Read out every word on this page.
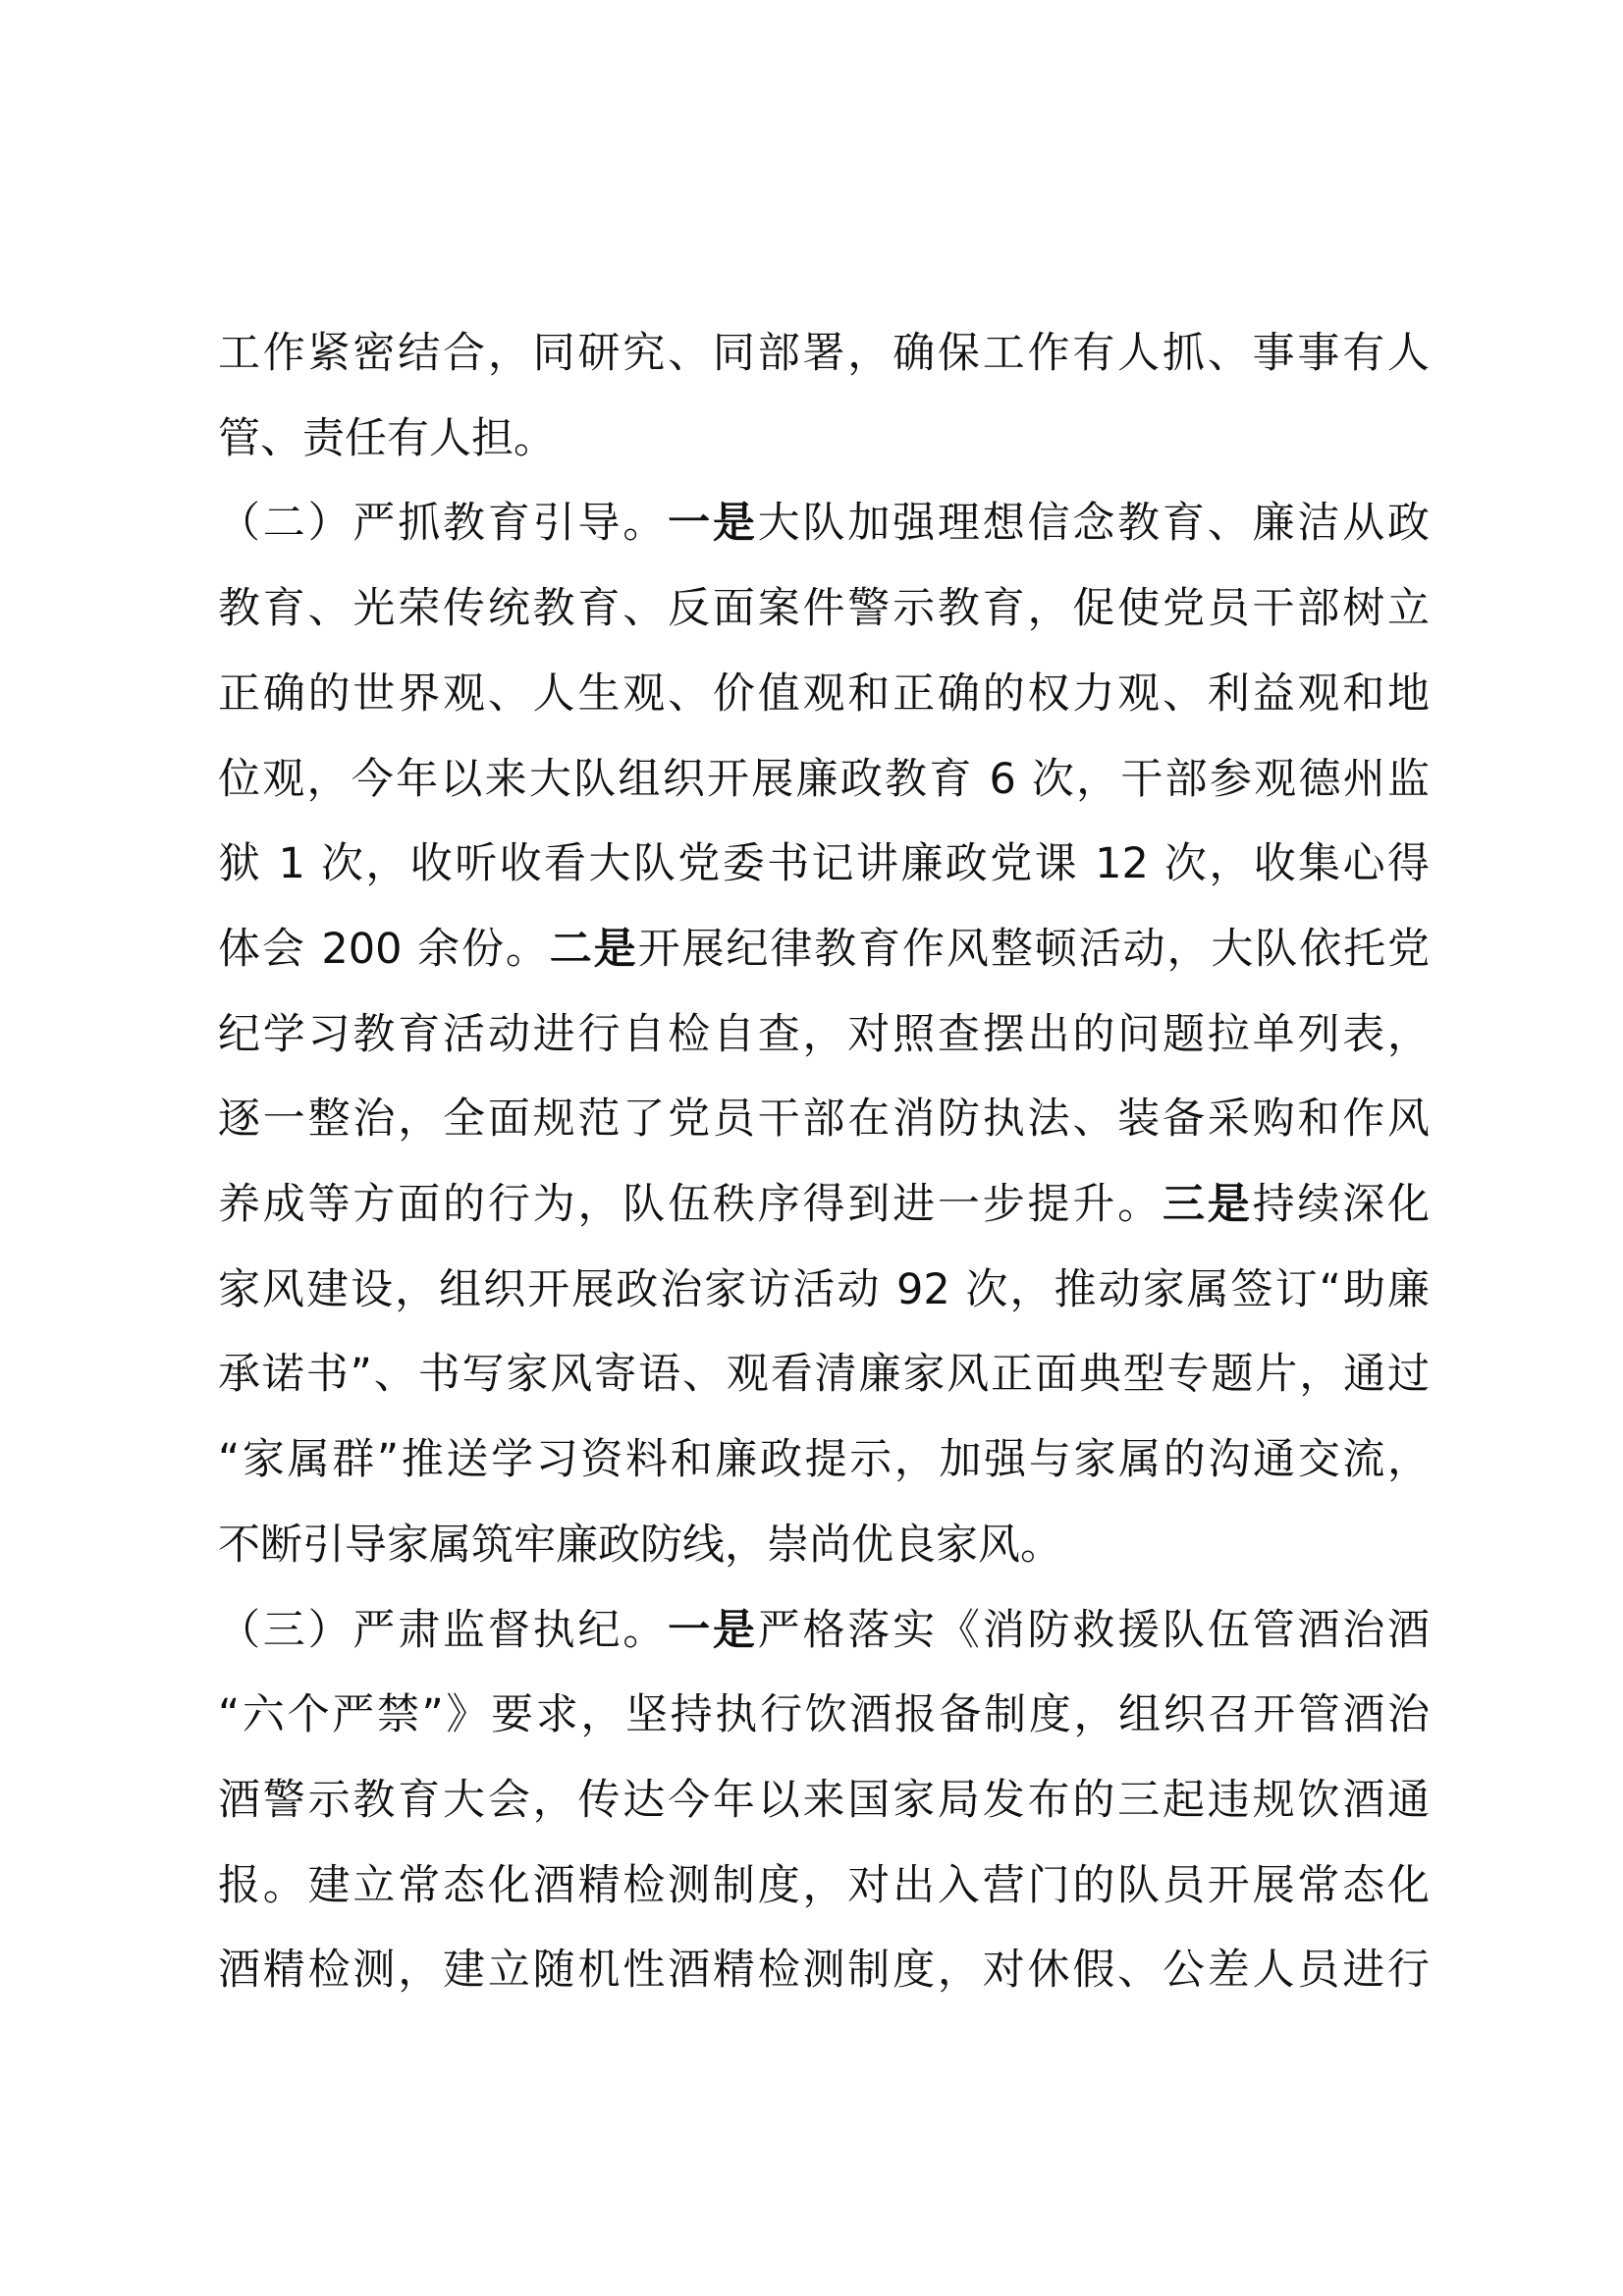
工作紧密结合，同研究、同部署，确保工作有人抓、事事有人
管、责任有人担。
（二）严抓教育引导。一是大队加强理想信念教育、廉洁从政
教育、光荣传统教育、反面案件警示教育，促使党员干部树立
正确的世界观、人生观、价值观和正确的权力观、利益观和地
位观，今年以来大队组织开展廉政教育 6 次，干部参观德州监
狱 1 次，收听收看大队党委书记讲廉政党课 12 次，收集心得
体会 200 余份。二是开展纪律教育作风整顿活动，大队依托党
纪学习教育活动进行自检自查，对照查摆出的问题拉单列表，
逐一整治，全面规范了党员干部在消防执法、装备采购和作风
养成等方面的行为，队伍秩序得到进一步提升。三是持续深化
家风建设，组织开展政治家访活动 92 次，推动家属签订“助廉
承诺书”、书写家风寄语、观看清廉家风正面典型专题片，通过
“家属群”推送学习资料和廉政提示，加强与家属的沟通交流，
不断引导家属筑牢廉政防线，崇尚优良家风。
（三）严肃监督执纪。一是严格落实《消防救援队伍管酒治酒
“六个严禁”》要求，坚持执行饮酒报备制度，组织召开管酒治
酒警示教育大会，传达今年以来国家局发布的三起违规饮酒通
报。建立常态化酒精检测制度，对出入营门的队员开展常态化
酒精检测，建立随机性酒精检测制度，对休假、公差人员进行
